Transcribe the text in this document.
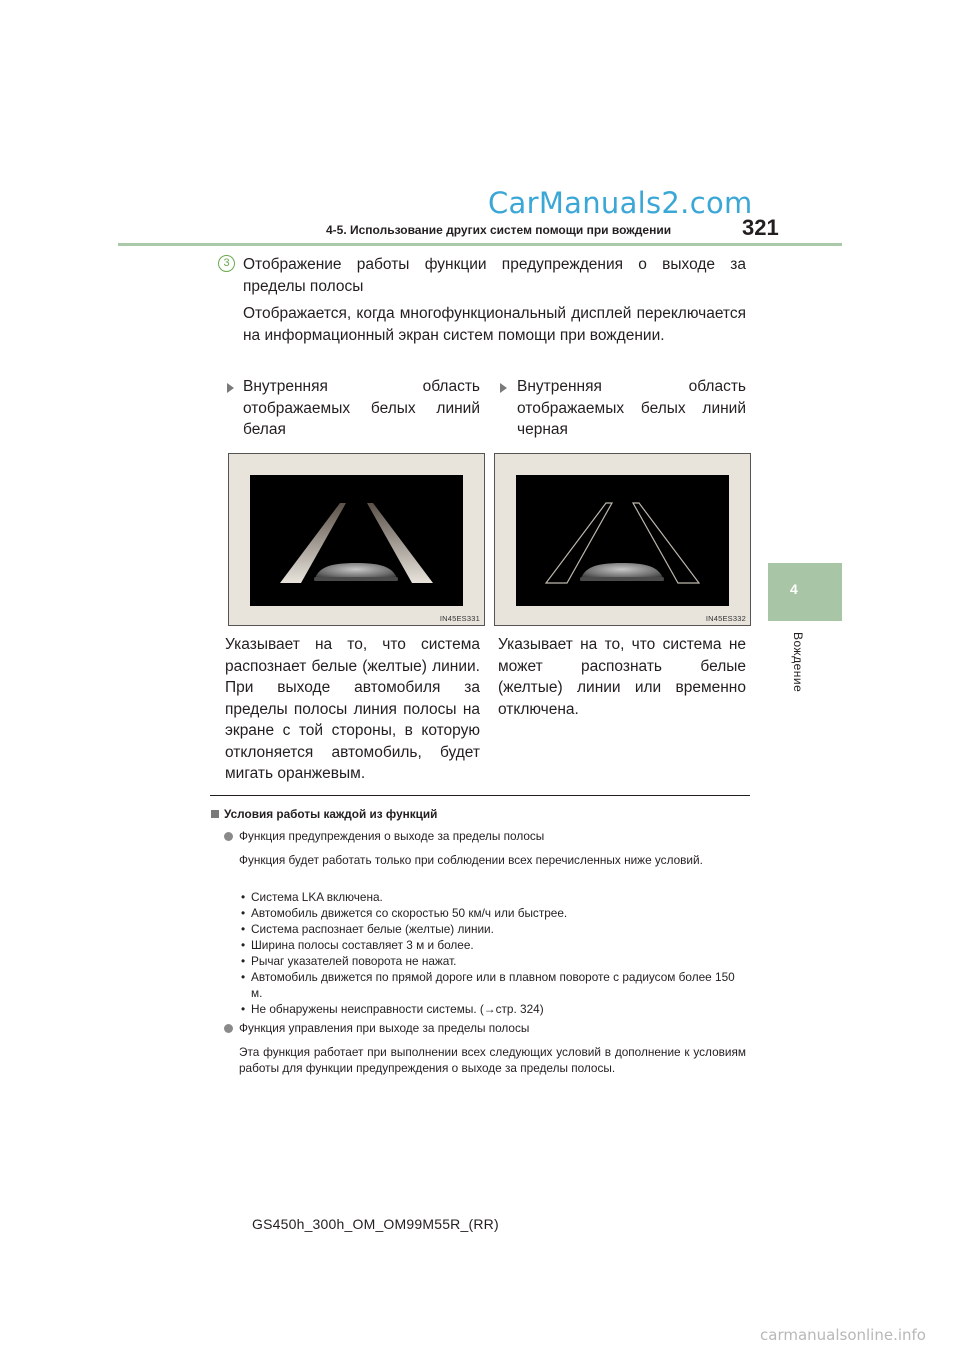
CarManuals2.com
4-5. Использование других систем помощи при вождении	321
4
Вождение
3 Отображение работы функции предупреждения о выходе за пределы полосы
Отображается, когда многофункциональный дисплей переключается на информационный экран систем помощи при вождении.
Внутренняя область отображаемых белых линий белая
Внутренняя область отображаемых белых линий черная
IN45ES331	IN45ES332
Указывает на то, что система распознает белые (желтые) линии. При выходе автомобиля за пределы полосы линия полосы на экране с той стороны, в которую отклоняется автомобиль, будет мигать оранжевым.
Указывает на то, что система не может распознать белые (желтые) линии или временно отключена.
Условия работы каждой из функций
Функция предупреждения о выходе за пределы полосы
Функция будет работать только при соблюдении всех перечисленных ниже условий.
• Система LKA включена.
• Автомобиль движется со скоростью 50 км/ч или быстрее.
• Система распознает белые (желтые) линии.
• Ширина полосы составляет 3 м и более.
• Рычаг указателей поворота не нажат.
• Автомобиль движется по прямой дороге или в плавном повороте с радиусом более 150 м.
• Не обнаружены неисправности системы. (→стр. 324)
Функция управления при выходе за пределы полосы
Эта функция работает при выполнении всех следующих условий в дополнение к условиям работы для функции предупреждения о выходе за пределы полосы.
GS450h_300h_OM_OM99M55R_(RR)
carmanualsonline.info
